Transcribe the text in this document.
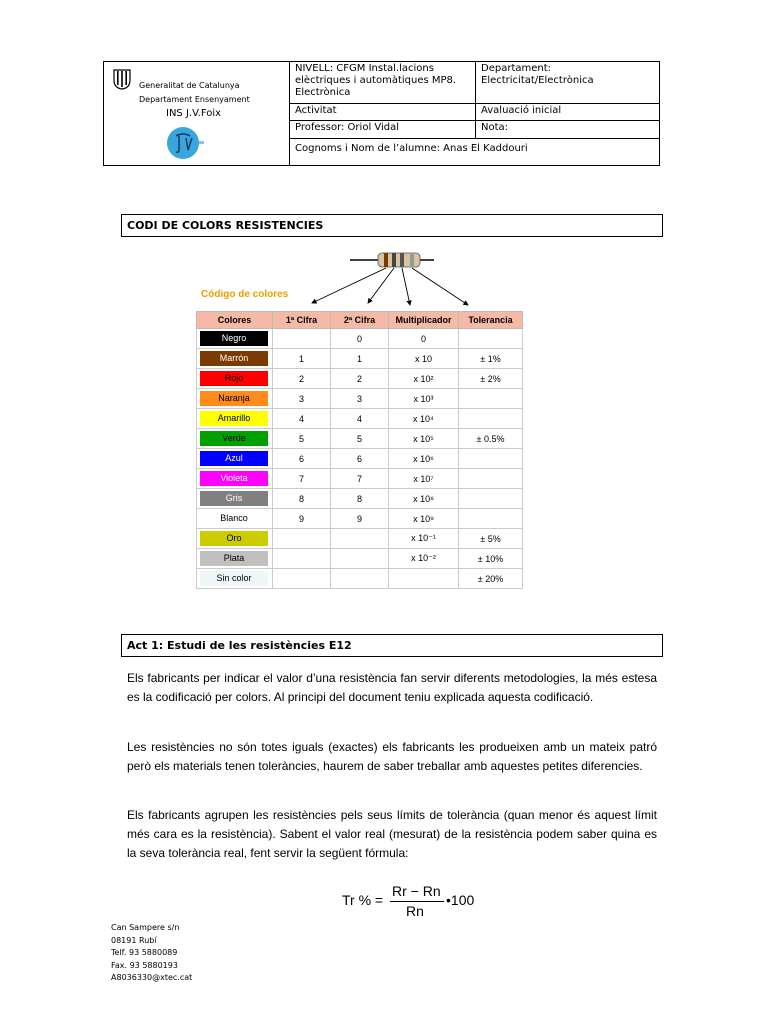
Generalitat de Catalunya
Departament Ensenyament
INS J.V.Foix
NIVELL: CFGM Instal.lacions elèctriques i automàtiques MP8. Electrònica
Departament: Electricitat/Electrònica
Activitat	Avaluació inicial
Professor: Oriol Vidal	Nota:
Cognoms i Nom de l’alumne: Anas El Kaddouri
CODI DE COLORS RESISTENCIES
Código de colores
Colores	1ª Cifra	2ª Cifra	Multiplicador	Tolerancia

Negro		0	0	

Marrón	1	1	x 10	± 1%

Rojo	2	2	x 10²	± 2%

Naranja	3	3	x 10³	

Amarillo	4	4	x 10⁴	

Verde	5	5	x 10⁵	± 0.5%

Azul	6	6	x 10⁶	

Violeta	7	7	x 10⁷	

Gris	8	8	x 10⁸	

Blanco	9	9	x 10⁹	

Oro			x 10⁻¹	± 5%

Plata			x 10⁻²	± 10%

Sin color				± 20%
Act 1: Estudi de les resistències E12

Els fabricants per indicar el valor d’una resistència fan servir diferents metodologies, la més estesa es la codificació per colors. Al principi del document teniu explicada aquesta codificació.

Les resistències no són totes iguals (exactes) els fabricants les produeixen amb un mateix patró però els materials tenen toleràncies, haurem de saber treballar amb aquestes petites diferencies.

Els fabricants agrupen les resistències pels seus límits de tolerància (quan menor és aquest límit més cara es la resistència). Sabent el valor real (mesurat) de la resistència podem saber quina es la seva tolerància real, fent servir la següent fórmula:

Tr % =
Rr − Rn
Rn
•100
Can Sampere s/n
08191 Rubí
Telf. 93 5880089
Fax. 93 5880193
A8036330@xtec.cat
